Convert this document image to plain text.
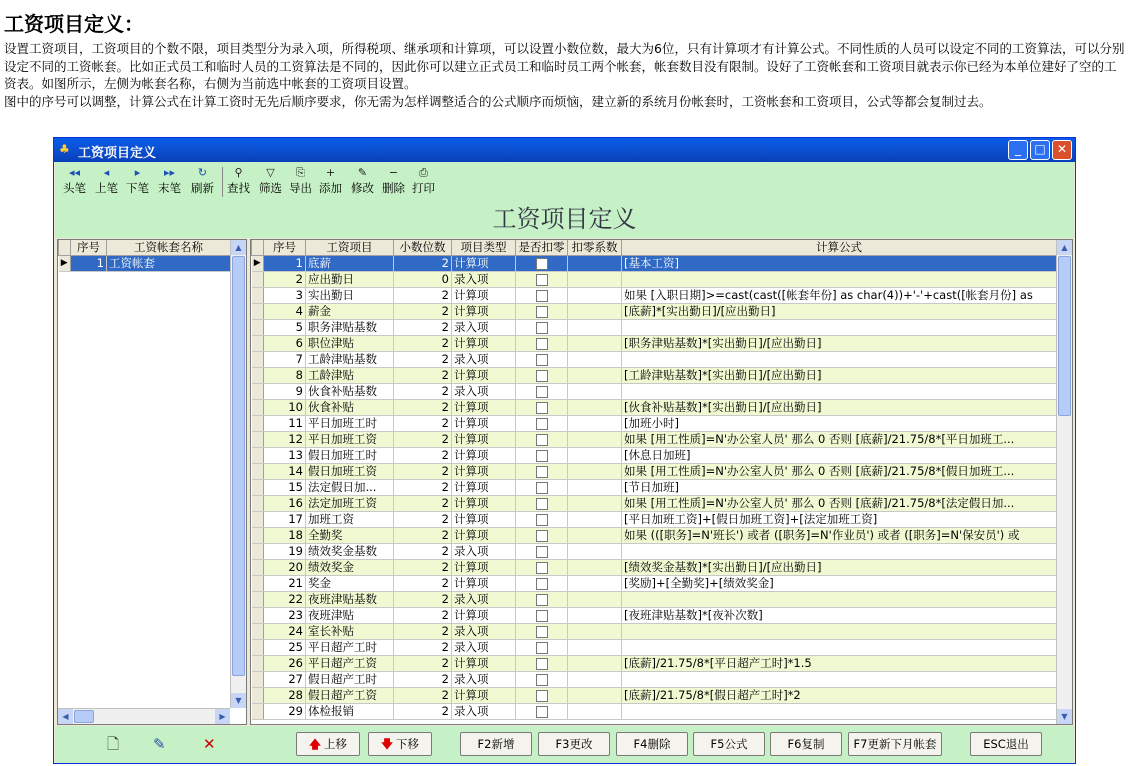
工资项目定义：

设置工资项目，工资项目的个数不限，项目类型分为录入项，所得税项、继承项和计算项，可以设置小数位数，最大为6位，只有计算项才有计算公式。不同性质的人员可以设定不同的工资算法，可以分别设定不同的工资帐套。比如正式员工和临时人员的工资算法是不同的，因此你可以建立正式员工和临时员工两个帐套，帐套数目没有限制。设好了工资帐套和工资项目就表示你已经为本单位建好了空的工资表。如图所示，左侧为帐套名称，右侧为当前选中帐套的工资项目设置。

图中的序号可以调整，计算公式在计算工资时无先后顺序要求，你无需为怎样调整适合的公式顺序而烦恼，建立新的系统月份帐套时，工资帐套和工资项目，公式等都会复制过去。

♣ 工资项目定义	_	□ ✕
◂◂
头笔
◂
上笔
▸
下笔
▸▸
末笔
↻
刷新
⚲
查找
▽
筛选
⎘
导出
+
添加
✎
修改
−
删除
⎙
打印
工资项目定义
	序号	工资帐套名称
▶	1	工资帐套
▲
▼
◀	▶
	序号	工资项目	小数位数	项目类型	是否扣零	扣零系数	计算公式
▶	1	底薪	2	计算项			[基本工资]
	2	应出勤日	0	录入项			
	3	实出勤日	2	计算项			如果 [入职日期]>=cast(cast([帐套年份] as char(4))+'-'+cast([帐套月份] as
	4	薪金	2	计算项			[底薪]*[实出勤日]/[应出勤日]
	5	职务津贴基数	2	录入项			
	6	职位津贴	2	计算项			[职务津贴基数]*[实出勤日]/[应出勤日]
	7	工龄津贴基数	2	录入项			
	8	工龄津贴	2	计算项			[工龄津贴基数]*[实出勤日]/[应出勤日]
	9	伙食补贴基数	2	录入项			
	10	伙食补贴	2	计算项			[伙食补贴基数]*[实出勤日]/[应出勤日]
	11	平日加班工时	2	计算项			[加班小时]
	12	平日加班工资	2	计算项			如果 [用工性质]=N'办公室人员' 那么 0 否则 [底薪]/21.75/8*[平日加班工...
	13	假日加班工时	2	计算项			[休息日加班]
	14	假日加班工资	2	计算项			如果 [用工性质]=N'办公室人员' 那么 0 否则 [底薪]/21.75/8*[假日加班工...
	15	法定假日加...	2	计算项			[节日加班]
	16	法定加班工资	2	计算项			如果 [用工性质]=N'办公室人员' 那么 0 否则 [底薪]/21.75/8*[法定假日加...
	17	加班工资	2	计算项			[平日加班工资]+[假日加班工资]+[法定加班工资]
	18	全勤奖	2	计算项			如果 (([职务]=N'班长') 或者 ([职务]=N'作业员') 或者 ([职务]=N'保安员') 或
	19	绩效奖金基数	2	录入项			
	20	绩效奖金	2	计算项			[绩效奖金基数]*[实出勤日]/[应出勤日]
	21	奖金	2	计算项			[奖励]+[全勤奖]+[绩效奖金]
	22	夜班津贴基数	2	录入项			
	23	夜班津贴	2	计算项			[夜班津贴基数]*[夜补次数]
	24	室长补贴	2	录入项			
	25	平日超产工时	2	录入项			
	26	平日超产工资	2	计算项			[底薪]/21.75/8*[平日超产工时]*1.5
	27	假日超产工时	2	录入项			
	28	假日超产工资	2	计算项			[底薪]/21.75/8*[假日超产工时]*2
	29	体检报销	2	录入项			
▲
▼
🡅 上移	🡇 下移	F2新增	F3更改	F4删除	F5公式	F6复制	F7更新下月帐套	ESC退出
🗋 ✎ ✕
